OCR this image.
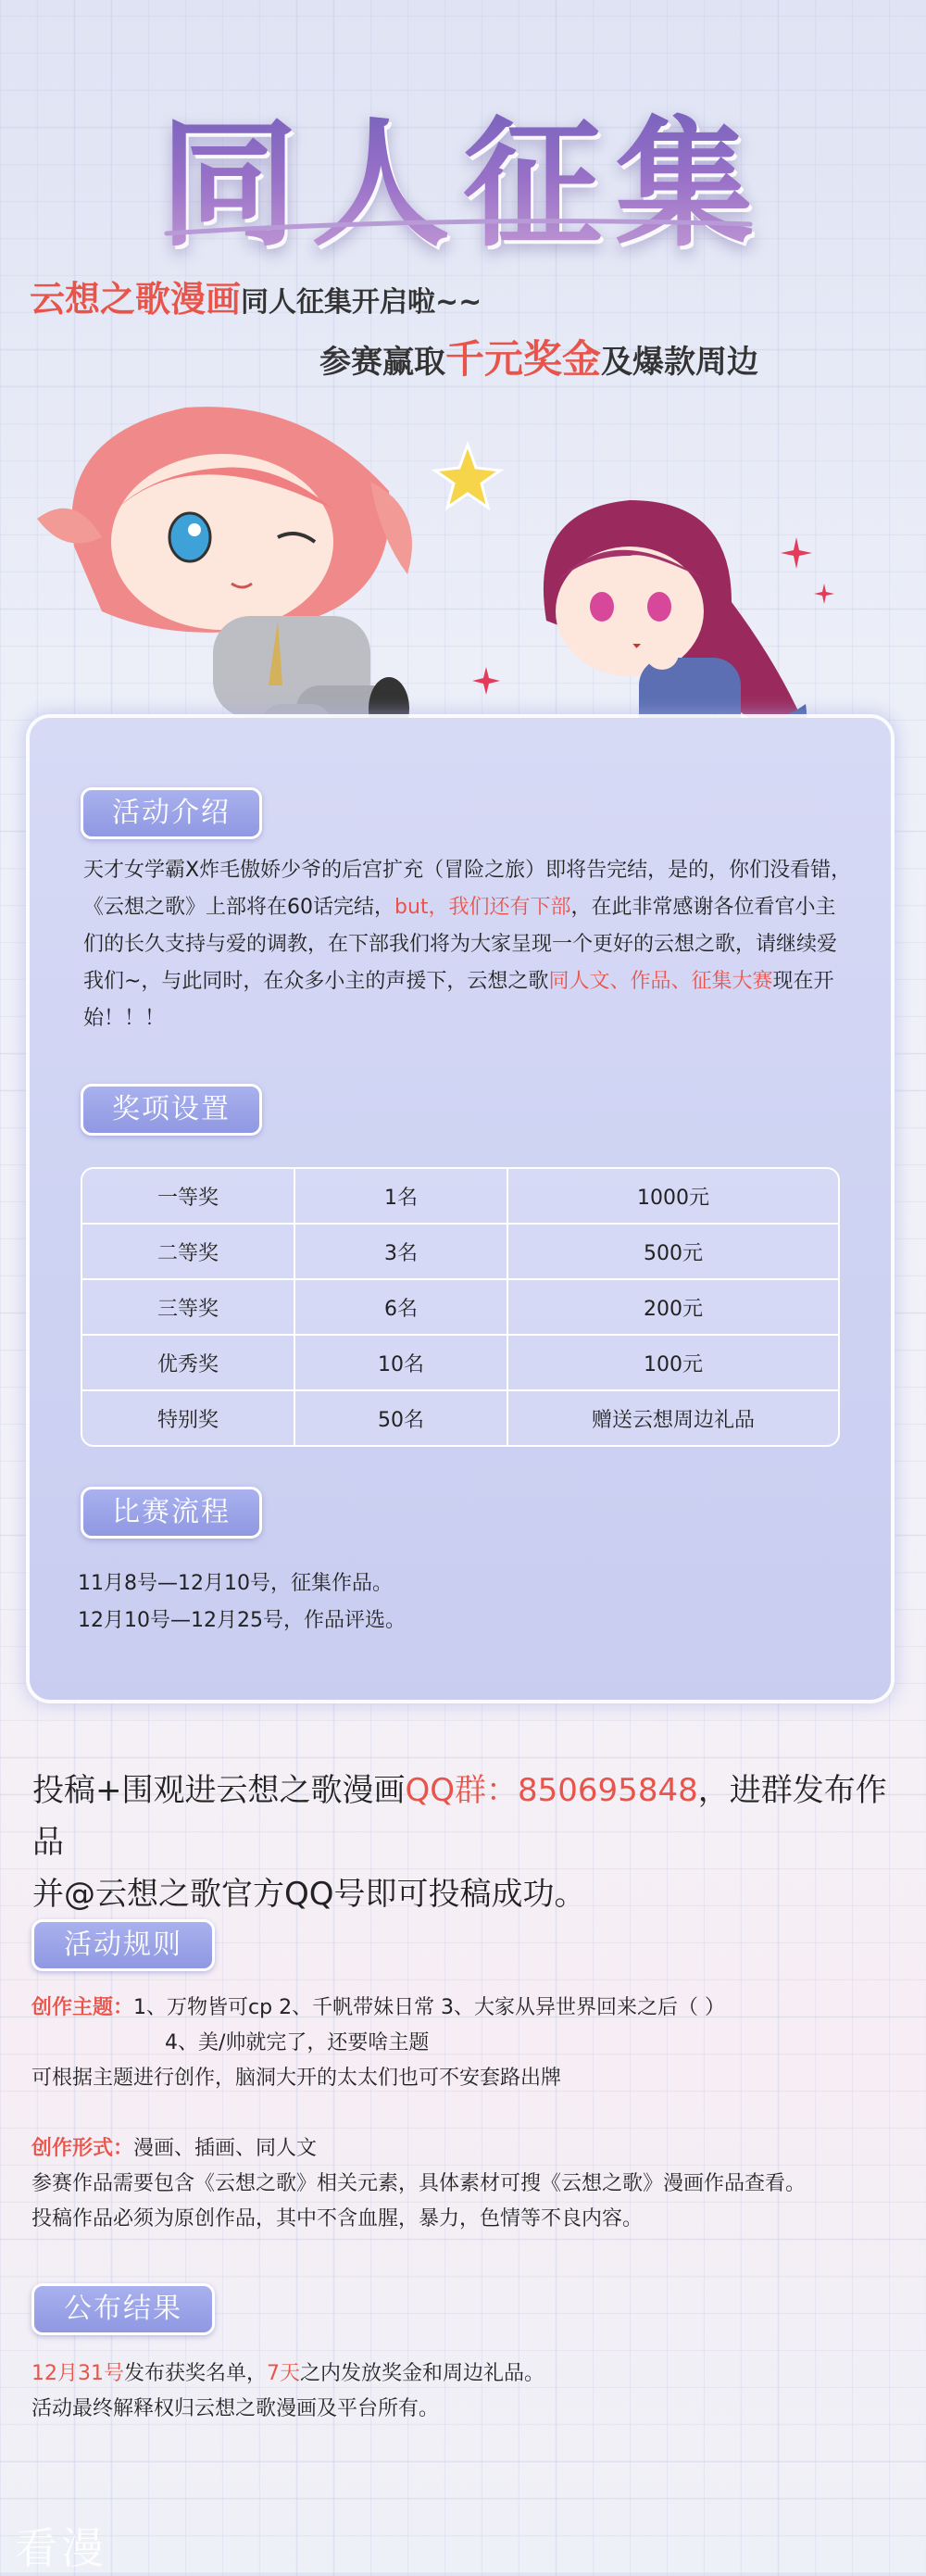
同人征集
云想之歌漫画同人征集开启啦~~
参赛赢取千元奖金及爆款周边
活动介绍
天才女学霸X炸毛傲娇少爷的后宫扩充（冒险之旅）即将告完结，是的，你们没看错，
《云想之歌》上部将在60话完结，but，我们还有下部，在此非常感谢各位看官小主
们的长久支持与爱的调教，在下部我们将为大家呈现一个更好的云想之歌，请继续爱
我们~，与此同时，在众多小主的声援下，云想之歌同人文、作品、征集大赛现在开
始！！！
奖项设置
一等奖	1名	1000元
二等奖	3名	500元
三等奖	6名	200元
优秀奖	10名	100元
特别奖	50名	赠送云想周边礼品
比赛流程
11月8号—12月10号，征集作品。
12月10号—12月25号，作品评选。
投稿+围观进云想之歌漫画QQ群：850695848，进群发布作品
并@云想之歌官方QQ号即可投稿成功。
活动规则
创作主题：1、万物皆可cp 2、千帆带妹日常 3、大家从异世界回来之后（ ）
4、美/帅就完了，还要啥主题
可根据主题进行创作，脑洞大开的太太们也可不安套路出牌
创作形式：漫画、插画、同人文
参赛作品需要包含《云想之歌》相关元素，具体素材可搜《云想之歌》漫画作品查看。
投稿作品必须为原创作品，其中不含血腥，暴力，色情等不良内容。
公布结果
12月31号发布获奖名单，7天之内发放奖金和周边礼品。
活动最终解释权归云想之歌漫画及平台所有。
看漫
